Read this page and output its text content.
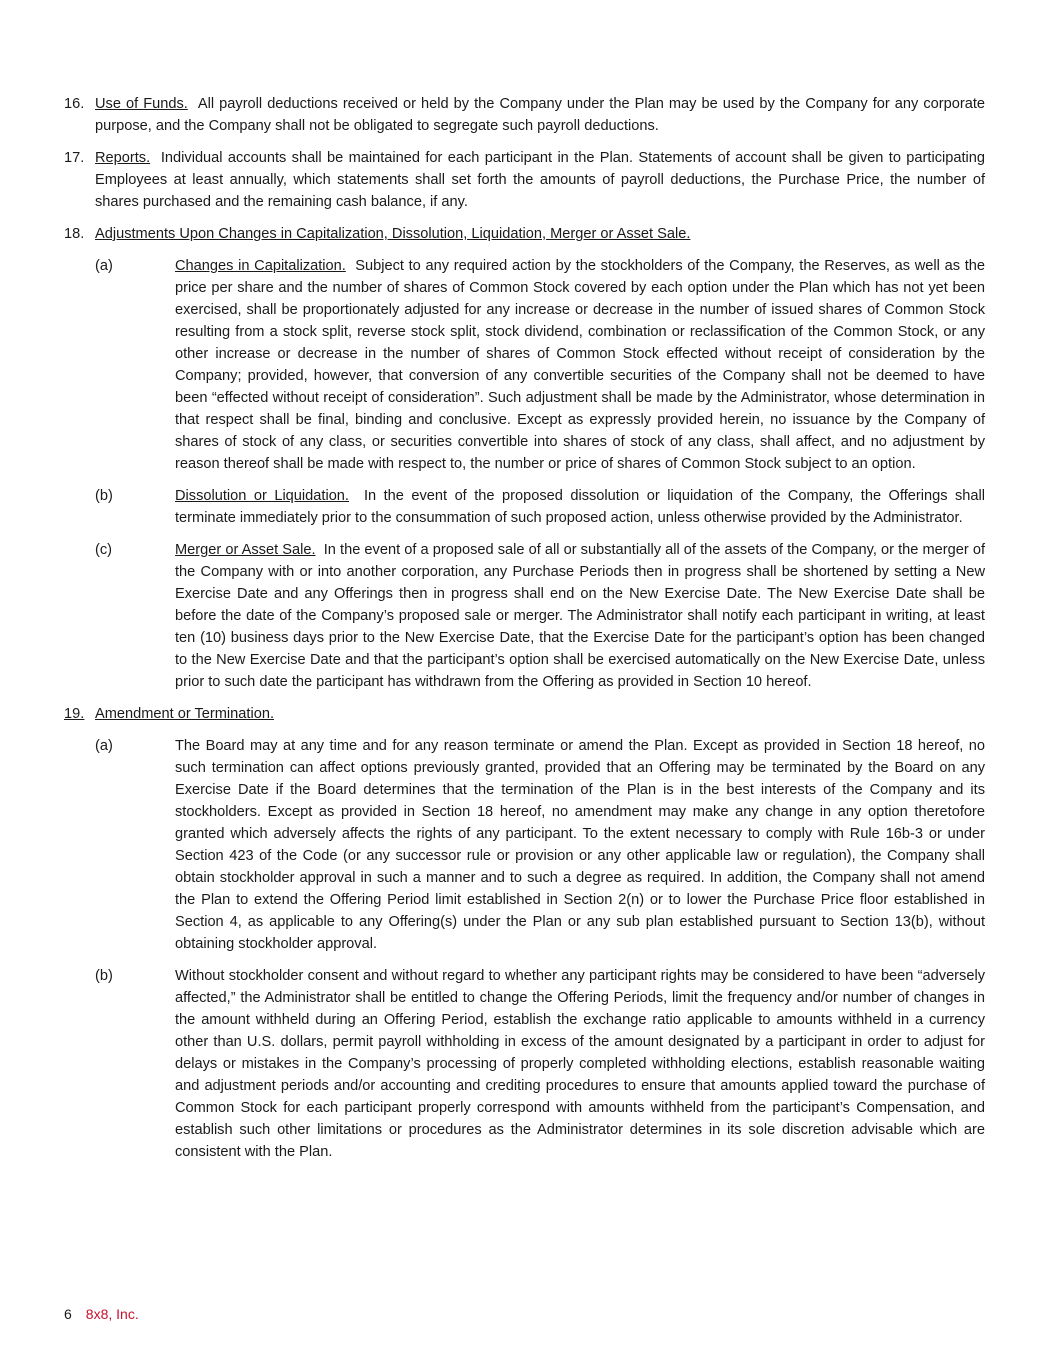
16. Use of Funds. All payroll deductions received or held by the Company under the Plan may be used by the Company for any corporate purpose, and the Company shall not be obligated to segregate such payroll deductions.
17. Reports. Individual accounts shall be maintained for each participant in the Plan. Statements of account shall be given to participating Employees at least annually, which statements shall set forth the amounts of payroll deductions, the Purchase Price, the number of shares purchased and the remaining cash balance, if any.
18. Adjustments Upon Changes in Capitalization, Dissolution, Liquidation, Merger or Asset Sale.
(a)	Changes in Capitalization. Subject to any required action by the stockholders of the Company, the Reserves, as well as the price per share and the number of shares of Common Stock covered by each option under the Plan which has not yet been exercised, shall be proportionately adjusted for any increase or decrease in the number of issued shares of Common Stock resulting from a stock split, reverse stock split, stock dividend, combination or reclassification of the Common Stock, or any other increase or decrease in the number of shares of Common Stock effected without receipt of consideration by the Company; provided, however, that conversion of any convertible securities of the Company shall not be deemed to have been “effected without receipt of consideration”. Such adjustment shall be made by the Administrator, whose determination in that respect shall be final, binding and conclusive. Except as expressly provided herein, no issuance by the Company of shares of stock of any class, or securities convertible into shares of stock of any class, shall affect, and no adjustment by reason thereof shall be made with respect to, the number or price of shares of Common Stock subject to an option.
(b)	Dissolution or Liquidation. In the event of the proposed dissolution or liquidation of the Company, the Offerings shall terminate immediately prior to the consummation of such proposed action, unless otherwise provided by the Administrator.
(c)	Merger or Asset Sale. In the event of a proposed sale of all or substantially all of the assets of the Company, or the merger of the Company with or into another corporation, any Purchase Periods then in progress shall be shortened by setting a New Exercise Date and any Offerings then in progress shall end on the New Exercise Date. The New Exercise Date shall be before the date of the Company’s proposed sale or merger. The Administrator shall notify each participant in writing, at least ten (10) business days prior to the New Exercise Date, that the Exercise Date for the participant’s option has been changed to the New Exercise Date and that the participant’s option shall be exercised automatically on the New Exercise Date, unless prior to such date the participant has withdrawn from the Offering as provided in Section 10 hereof.
19. Amendment or Termination.
(a)	The Board may at any time and for any reason terminate or amend the Plan. Except as provided in Section 18 hereof, no such termination can affect options previously granted, provided that an Offering may be terminated by the Board on any Exercise Date if the Board determines that the termination of the Plan is in the best interests of the Company and its stockholders. Except as provided in Section 18 hereof, no amendment may make any change in any option theretofore granted which adversely affects the rights of any participant. To the extent necessary to comply with Rule 16b-3 or under Section 423 of the Code (or any successor rule or provision or any other applicable law or regulation), the Company shall obtain stockholder approval in such a manner and to such a degree as required. In addition, the Company shall not amend the Plan to extend the Offering Period limit established in Section 2(n) or to lower the Purchase Price floor established in Section 4, as applicable to any Offering(s) under the Plan or any sub plan established pursuant to Section 13(b), without obtaining stockholder approval.
(b)	Without stockholder consent and without regard to whether any participant rights may be considered to have been “adversely affected,” the Administrator shall be entitled to change the Offering Periods, limit the frequency and/or number of changes in the amount withheld during an Offering Period, establish the exchange ratio applicable to amounts withheld in a currency other than U.S. dollars, permit payroll withholding in excess of the amount designated by a participant in order to adjust for delays or mistakes in the Company’s processing of properly completed withholding elections, establish reasonable waiting and adjustment periods and/or accounting and crediting procedures to ensure that amounts applied toward the purchase of Common Stock for each participant properly correspond with amounts withheld from the participant’s Compensation, and establish such other limitations or procedures as the Administrator determines in its sole discretion advisable which are consistent with the Plan.
6 8x8, Inc.
